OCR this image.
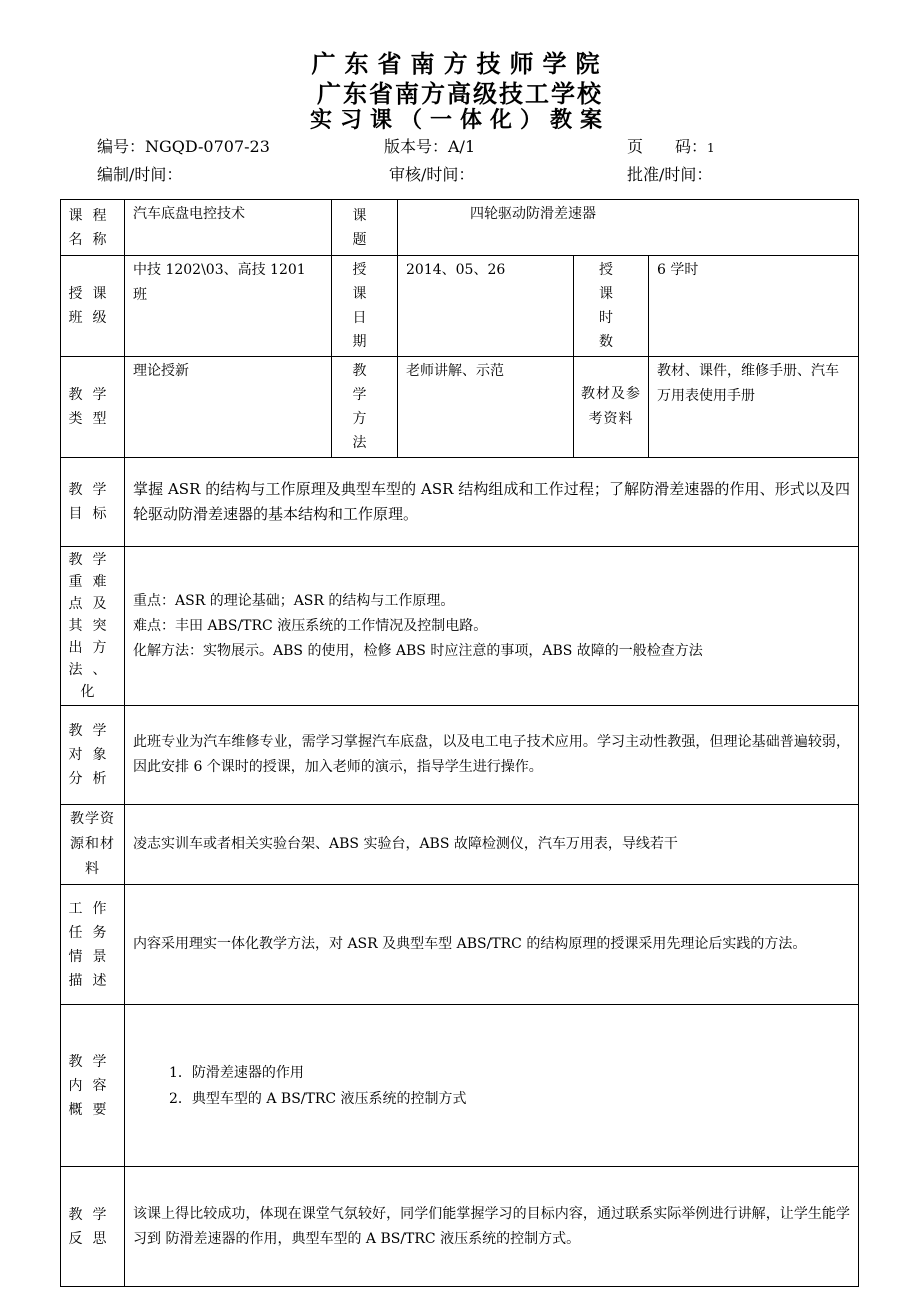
广东省南方技师学院
广东省南方高级技工学校
实习课（一体化）教案
编号：NGQD-0707-23	版本号：A/1	页　　码：1
编制/时间：	审核/时间：	批准/时间：
课程名称	汽车底盘电控技术	课　题	四轮驱动防滑差速器		
授课班级	中技 1202\03、高技 1201 班	授　课　日　期	2014、05、26	授　课　时　数	6 学时
教学类型	理论授新	教　学　方　法	老师讲解、示范	教材及参考资料	教材、课件，维修手册、汽车万用表使用手册
教学目标	掌握 ASR 的结构与工作原理及典型车型的 ASR 结构组成和工作过程；了解防滑差速器的作用、形式以及四轮驱动防滑差速器的基本结构和工作原理。				
教学重难点及其突出方法、化	重点：ASR 的理论基础；ASR 的结构与工作原理。
难点：丰田 ABS/TRC 液压系统的工作情况及控制电路。
化解方法：实物展示。ABS 的使用，检修 ABS 时应注意的事项，ABS 故障的一般检查方法				

教学对象分析	此班专业为汽车维修专业，需学习掌握汽车底盘，以及电工电子技术应用。学习主动性教强，但理论基础普遍较弱，因此安排 6 个课时的授课，加入老师的演示，指导学生进行操作。				
教学资源和材料	凌志实训车或者相关实验台架、ABS 实验台，ABS 故障检测仪，汽车万用表，导线若干				
工作任务情景描述	内容采用理实一体化教学方法，对 ASR 及典型车型 ABS/TRC 的结构原理的授课采用先理论后实践的方法。				
教学内容概要	1．防滑差速器的作用
2．典型车型的 A BS/TRC 液压系统的控制方式				

教学反思	该课上得比较成功，体现在课堂气氛较好，同学们能掌握学习的目标内容，通过联系实际举例进行讲解，让学生能学习到 防滑差速器的作用，典型车型的 A BS/TRC 液压系统的控制方式。				
